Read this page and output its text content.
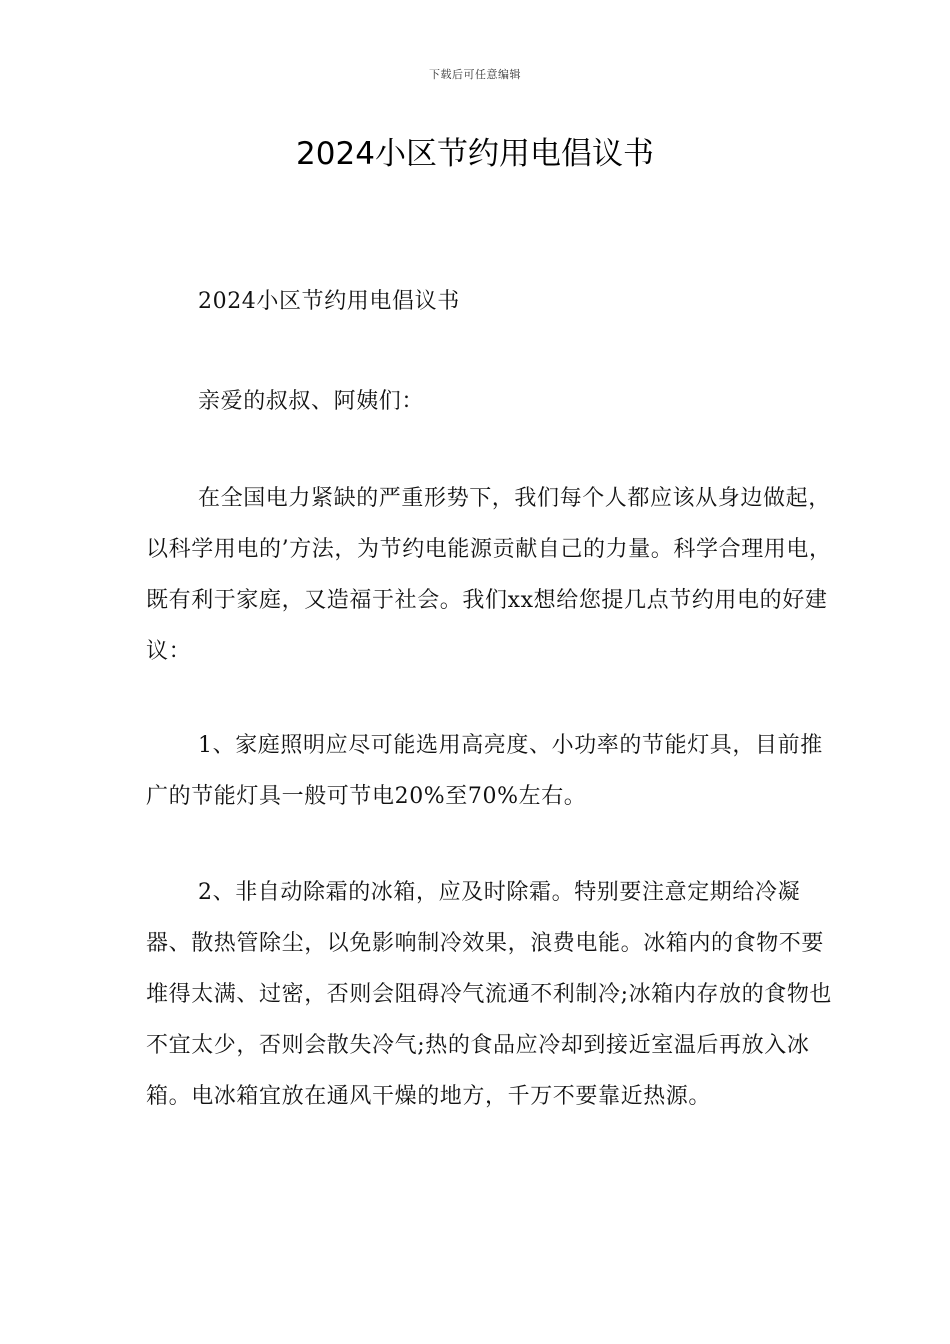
下载后可任意编辑
2024小区节约用电倡议书

2024小区节约用电倡议书

亲爱的叔叔、阿姨们：

在全国电力紧缺的严重形势下，我们每个人都应该从身边做起，以科学用电的’方法，为节约电能源贡献自己的力量。科学合理用电，既有利于家庭，又造福于社会。我们xx想给您提几点节约用电的好建议：

1、家庭照明应尽可能选用高亮度、小功率的节能灯具，目前推广的节能灯具一般可节电20%至70%左右。

2、非自动除霜的冰箱，应及时除霜。特别要注意定期给冷凝器、散热管除尘，以免影响制冷效果，浪费电能。冰箱内的食物不要堆得太满、过密，否则会阻碍冷气流通不利制冷;冰箱内存放的食物也不宜太少，否则会散失冷气;热的食品应冷却到接近室温后再放入冰箱。电冰箱宜放在通风干燥的地方，千万不要靠近热源。
